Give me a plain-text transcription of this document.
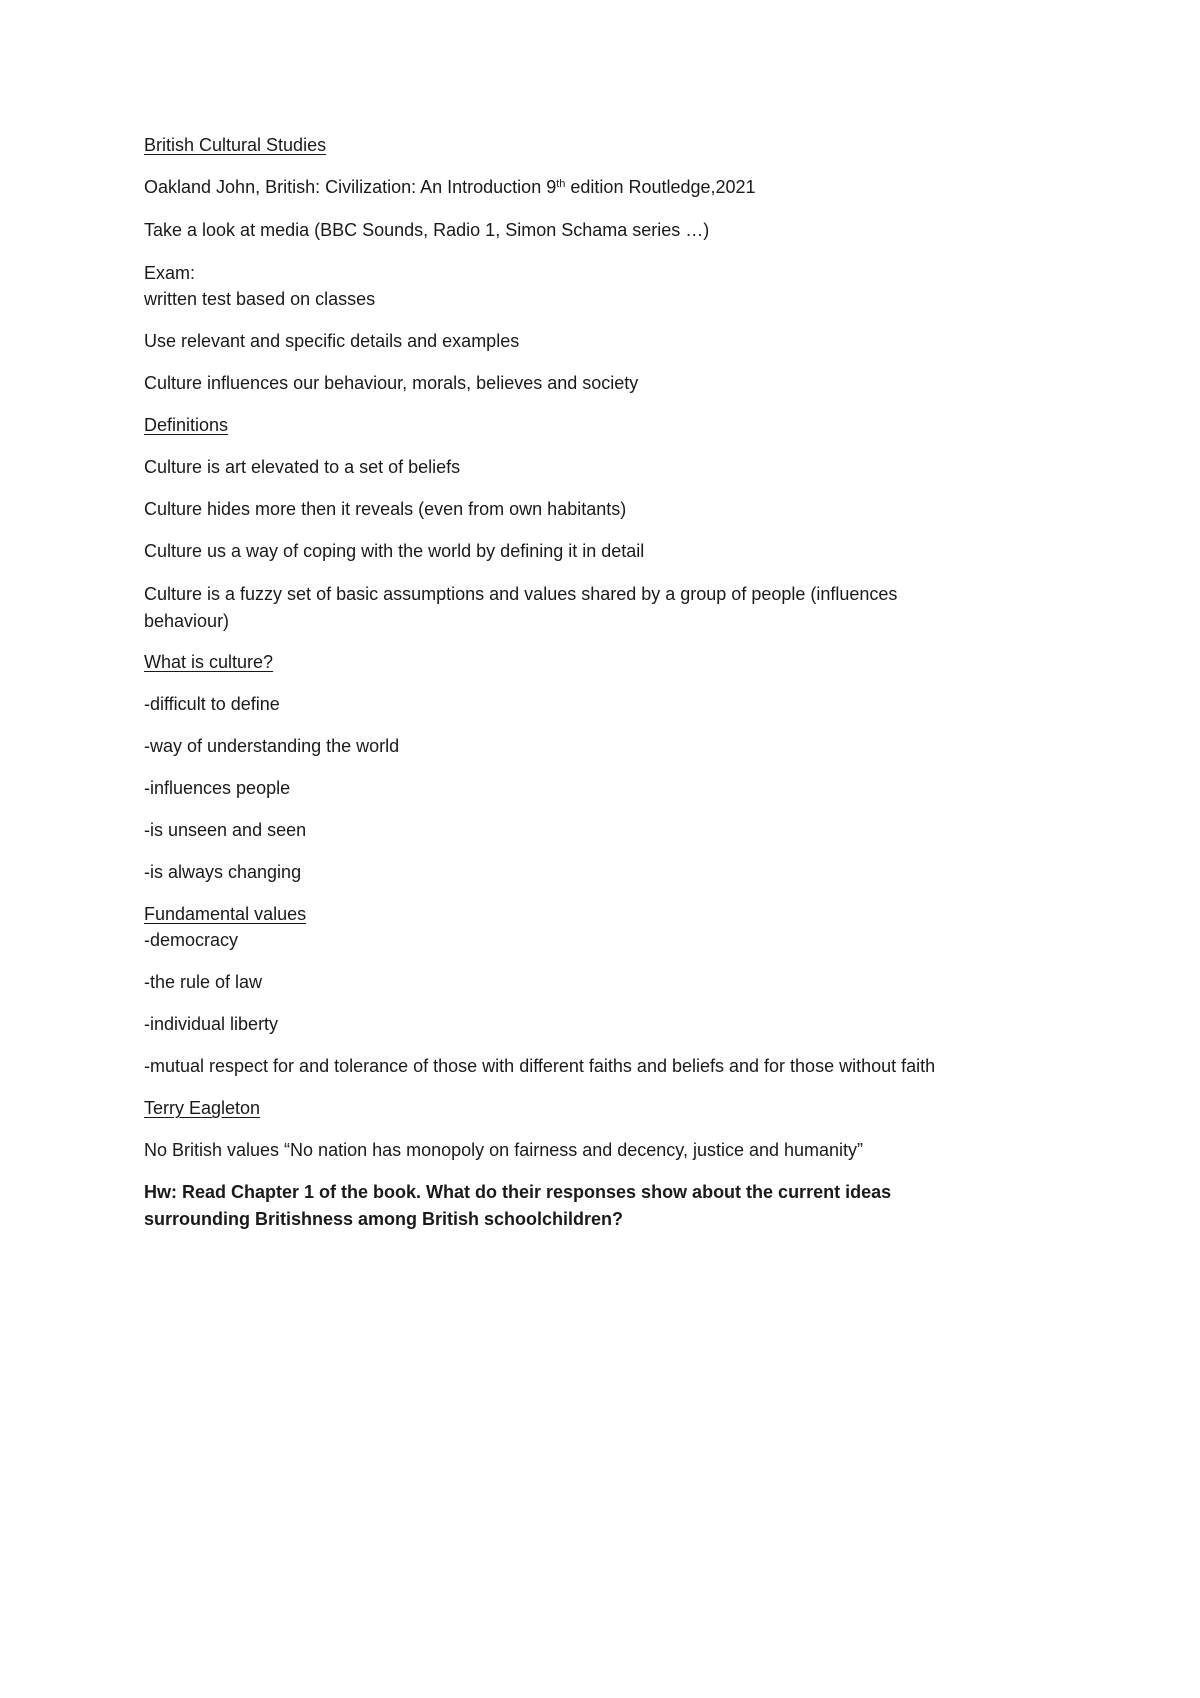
British Cultural Studies
Oakland John, British: Civilization: An Introduction 9th edition Routledge,2021
Take a look at media (BBC Sounds, Radio 1, Simon Schama series …)
Exam:
written test based on classes
Use relevant and specific details and examples
Culture influences our behaviour, morals, believes and society
Definitions
Culture is art elevated to a set of beliefs
Culture hides more then it reveals (even from own habitants)
Culture us a way of coping with the world by defining it in detail
Culture is a fuzzy set of basic assumptions and values shared by a group of people (influences
behaviour)
What is culture?
-difficult to define
-way of understanding the world
-influences people
-is unseen and seen
-is always changing
Fundamental values
-democracy
-the rule of law
-individual liberty
-mutual respect for and tolerance of those with different faiths and beliefs and for those without faith
Terry Eagleton
No British values “No nation has monopoly on fairness and decency, justice and humanity”
Hw: Read Chapter 1 of the book. What do their responses show about the current ideas
surrounding Britishness among British schoolchildren?
